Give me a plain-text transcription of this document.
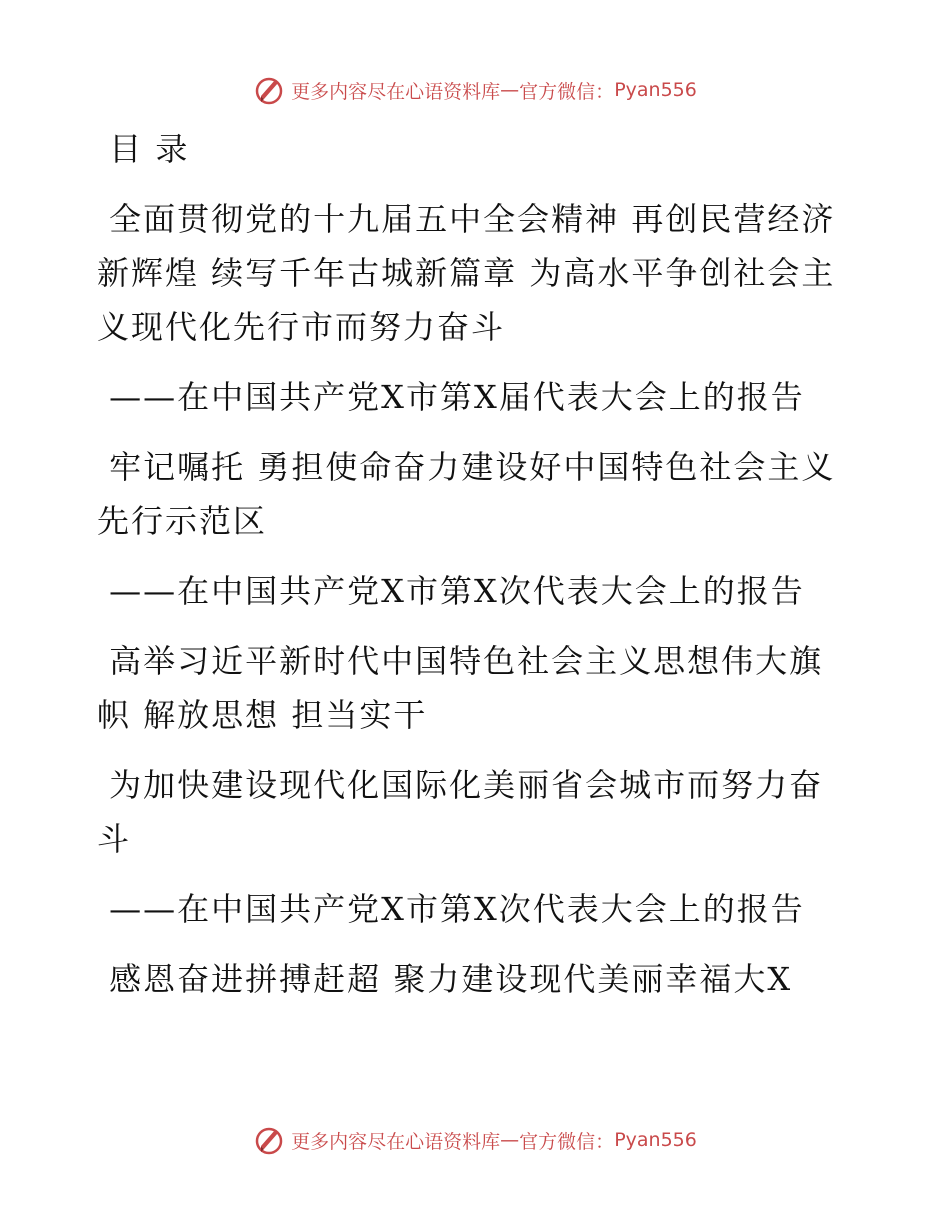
更多内容尽在心语资料库 — 官方微信： Pyan556
目 录
全面贯彻党的十九届五中全会精神 再创民营经济
新辉煌 续写千年古城新篇章 为高水平争创社会主
义现代化先行市而努力奋斗
——在中国共产党X市第X届代表大会上的报告
牢记嘱托 勇担使命奋力建设好中国特色社会主义
先行示范区
——在中国共产党X市第X次代表大会上的报告
高举习近平新时代中国特色社会主义思想伟大旗
帜 解放思想 担当实干
为加快建设现代化国际化美丽省会城市而努力奋
斗
——在中国共产党X市第X次代表大会上的报告
感恩奋进拼搏赶超 聚力建设现代美丽幸福大X
更多内容尽在心语资料库 — 官方微信： Pyan556
